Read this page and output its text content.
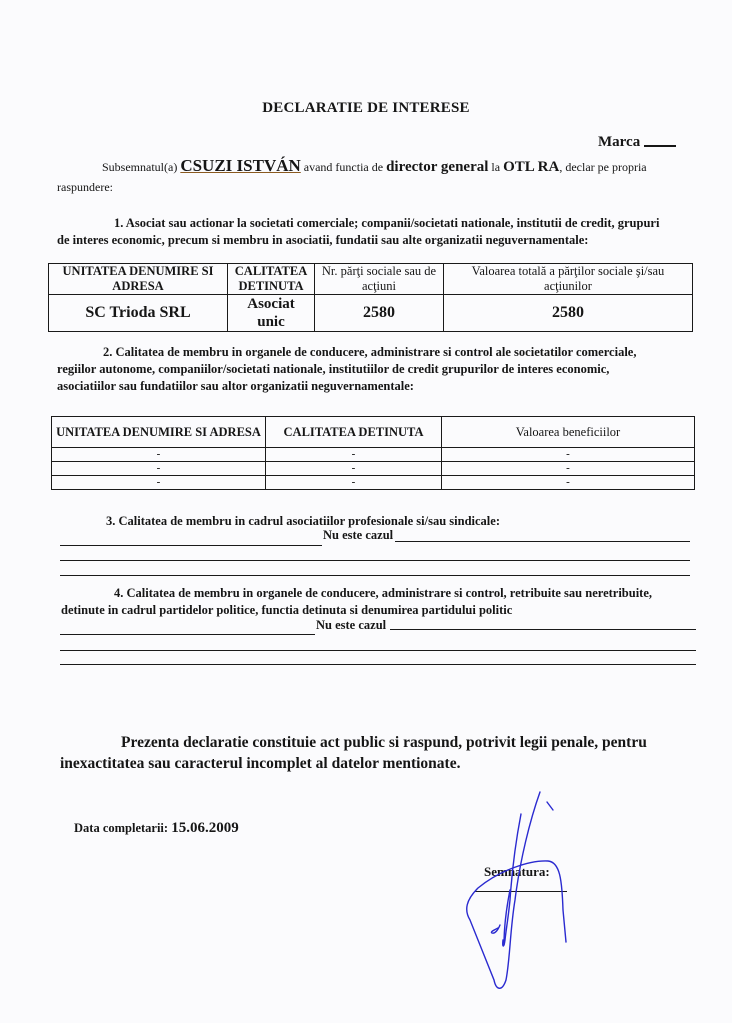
DECLARATIE DE INTERESE
Marca
Subsemnatul(a) CSUZI ISTVÁN avand functia de director general la OTL RA, declar pe propria
raspundere:
1. Asociat sau actionar la societati comerciale; companii/societati nationale, institutii de credit, grupuri
de interes economic, precum si membru in asociatii, fundatii sau alte organizatii neguvernamentale:
UNITATEA DENUMIRE SI ADRESA	CALITATEA DETINUTA	Nr. părţi sociale sau de acţiuni	Valoarea totală a părţilor sociale şi/sau acţiunilor
SC Trioda SRL	Asociat unic	2580	2580
2. Calitatea de membru in organele de conducere, administrare si control ale societatilor comerciale,
regiilor autonome, companiilor/societati nationale, institutiilor de credit grupurilor de interes economic,
asociatiilor sau fundatiilor sau altor organizatii neguvernamentale:
UNITATEA DENUMIRE SI ADRESA	CALITATEA DETINUTA	Valoarea beneficiilor
-	-	-
-	-	-
-	-	-
3. Calitatea de membru in cadrul asociatiilor profesionale si/sau sindicale:
Nu este cazul
4. Calitatea de membru in organele de conducere, administrare si control, retribuite sau neretribuite,
detinute in cadrul partidelor politice, functia detinuta si denumirea partidului politic
Nu este cazul
Prezenta declaratie constituie act public si raspund, potrivit legii penale, pentru
inexactitatea sau caracterul incomplet al datelor mentionate.
Data completarii: 15.06.2009
Semnatura:
